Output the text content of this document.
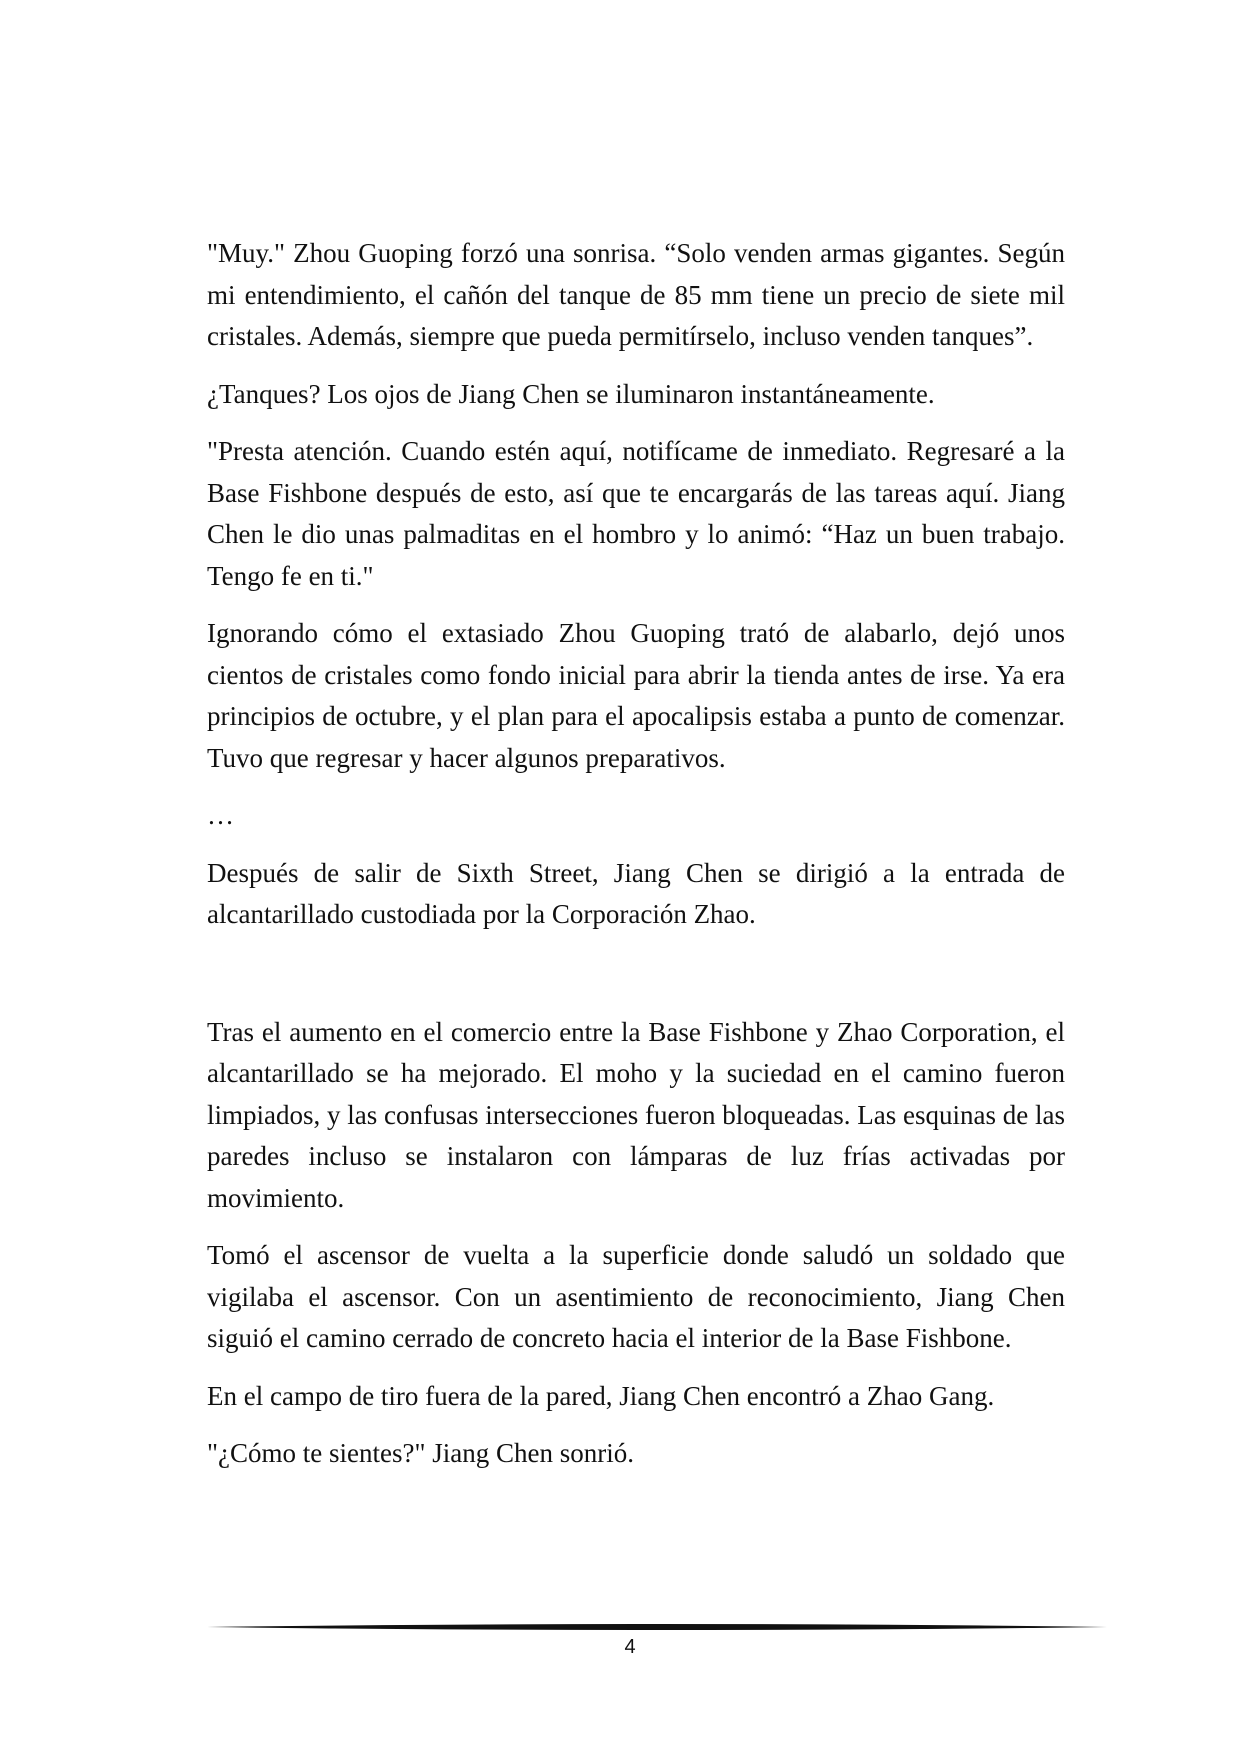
"Muy." Zhou Guoping forzó una sonrisa. “Solo venden armas gigantes. Según mi entendimiento, el cañón del tanque de 85 mm tiene un precio de siete mil cristales. Además, siempre que pueda permitírselo, incluso venden tanques”.

¿Tanques? Los ojos de Jiang Chen se iluminaron instantáneamente.

"Presta atención. Cuando estén aquí, notifícame de inmediato. Regresaré a la Base Fishbone después de esto, así que te encargarás de las tareas aquí. Jiang Chen le dio unas palmaditas en el hombro y lo animó: “Haz un buen trabajo. Tengo fe en ti."

Ignorando cómo el extasiado Zhou Guoping trató de alabarlo, dejó unos cientos de cristales como fondo inicial para abrir la tienda antes de irse. Ya era principios de octubre, y el plan para el apocalipsis estaba a punto de comenzar. Tuvo que regresar y hacer algunos preparativos.

…

Después de salir de Sixth Street, Jiang Chen se dirigió a la entrada de alcantarillado custodiada por la Corporación Zhao.

Tras el aumento en el comercio entre la Base Fishbone y Zhao Corporation, el alcantarillado se ha mejorado. El moho y la suciedad en el camino fueron limpiados, y las confusas intersecciones fueron bloqueadas. Las esquinas de las paredes incluso se instalaron con lámparas de luz frías activadas por movimiento.

Tomó el ascensor de vuelta a la superficie donde saludó un soldado que vigilaba el ascensor. Con un asentimiento de reconocimiento, Jiang Chen siguió el camino cerrado de concreto hacia el interior de la Base Fishbone.

En el campo de tiro fuera de la pared, Jiang Chen encontró a Zhao Gang.

"¿Cómo te sientes?" Jiang Chen sonrió.

4
